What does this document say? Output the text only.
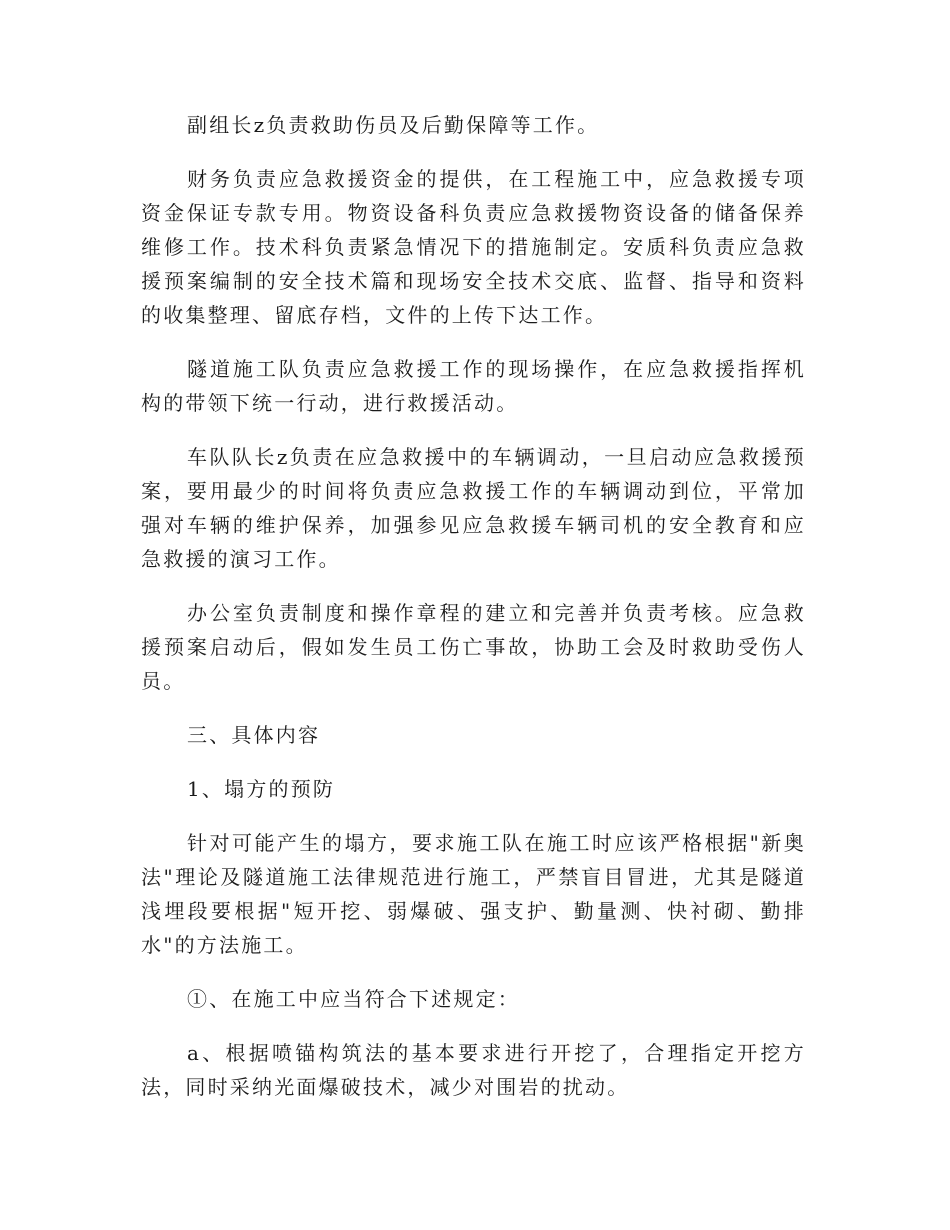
副组长z负责救助伤员及后勤保障等工作。

财务负责应急救援资金的提供，在工程施工中，应急救援专项资金保证专款专用。物资设备科负责应急救援物资设备的储备保养维修工作。技术科负责紧急情况下的措施制定。安质科负责应急救援预案编制的安全技术篇和现场安全技术交底、监督、指导和资料的收集整理、留底存档，文件的上传下达工作。

隧道施工队负责应急救援工作的现场操作，在应急救援指挥机构的带领下统一行动，进行救援活动。

车队队长z负责在应急救援中的车辆调动，一旦启动应急救援预案，要用最少的时间将负责应急救援工作的车辆调动到位，平常加强对车辆的维护保养，加强参见应急救援车辆司机的安全教育和应急救援的演习工作。

办公室负责制度和操作章程的建立和完善并负责考核。应急救援预案启动后，假如发生员工伤亡事故，协助工会及时救助受伤人员。

三、具体内容

1、塌方的预防

针对可能产生的塌方，要求施工队在施工时应该严格根据"新奥法"理论及隧道施工法律规范进行施工，严禁盲目冒进，尤其是隧道浅埋段要根据"短开挖、弱爆破、强支护、勤量测、快衬砌、勤排水"的方法施工。

①、在施工中应当符合下述规定：

a、根据喷锚构筑法的基本要求进行开挖了，合理指定开挖方法，同时采纳光面爆破技术，减少对围岩的扰动。
